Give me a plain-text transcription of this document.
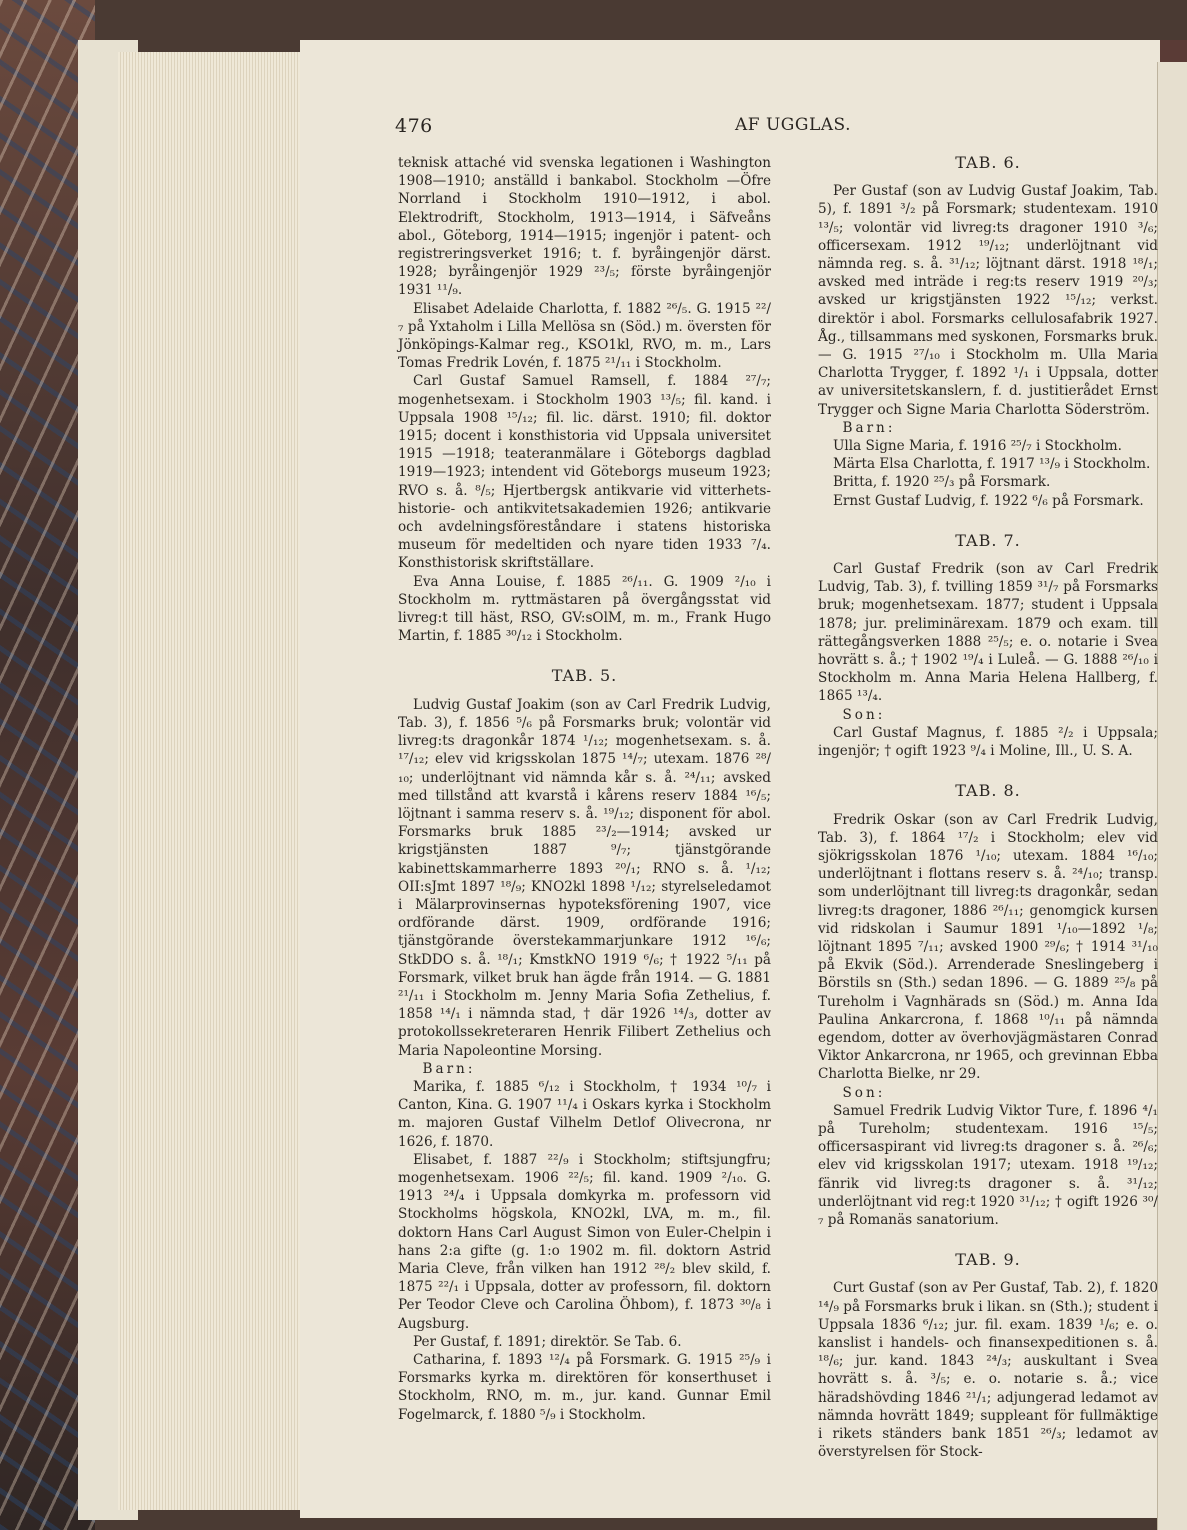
476	AF UGGLAS.

teknisk attaché vid svenska legationen i Washington 1908—1910; anställd i bankabol. Stockholm —Öfre Norrland i Stockholm 1910—1912, i abol. Elektrodrift, Stockholm, 1913—1914, i Säfveåns abol., Göteborg, 1914—1915; ingenjör i patent- och registreringsverket 1916; t. f. byråingenjör därst. 1928; byråingenjör 1929 ²³/₅; förste byråingenjör 1931 ¹¹/₉.

Elisabet Adelaide Charlotta, f. 1882 ²⁶/₅. G. 1915 ²²/₇ på Yxtaholm i Lilla Mellösa sn (Söd.) m. översten för Jönköpings-Kalmar reg., KSO1kl, RVO, m. m., Lars Tomas Fredrik Lovén, f. 1875 ²¹/₁₁ i Stockholm.

Carl Gustaf Samuel Ramsell, f. 1884 ²⁷/₇; mogenhetsexam. i Stockholm 1903 ¹³/₅; fil. kand. i Uppsala 1908 ¹⁵/₁₂; fil. lic. därst. 1910; fil. doktor 1915; docent i konsthistoria vid Uppsala universitet 1915 —1918; teateranmälare i Göteborgs dagblad 1919—1923; intendent vid Göteborgs museum 1923; RVO s. å. ⁸/₅; Hjertbergsk antikvarie vid vitterhets- historie- och antikvitetsakademien 1926; antikvarie och avdelningsföreståndare i statens historiska museum för medeltiden och nyare tiden 1933 ⁷/₄. Konsthistorisk skriftställare.

Eva Anna Louise, f. 1885 ²⁶/₁₁. G. 1909 ²/₁₀ i Stockholm m. ryttmästaren på övergångsstat vid livreg:t till häst, RSO, GV:sOlM, m. m., Frank Hugo Martin, f. 1885 ³⁰/₁₂ i Stockholm.

TAB. 5.

Ludvig Gustaf Joakim (son av Carl Fredrik Ludvig, Tab. 3), f. 1856 ⁵/₆ på Forsmarks bruk; volontär vid livreg:ts dragonkår 1874 ¹/₁₂; mogenhetsexam. s. å. ¹⁷/₁₂; elev vid krigsskolan 1875 ¹⁴/₇; utexam. 1876 ²⁸/₁₀; underlöjtnant vid nämnda kår s. å. ²⁴/₁₁; avsked med tillstånd att kvarstå i kårens reserv 1884 ¹⁶/₅; löjtnant i samma reserv s. å. ¹⁹/₁₂; disponent för abol. Forsmarks bruk 1885 ²³/₂—1914; avsked ur krigstjänsten 1887 ⁹/₇; tjänstgörande kabinettskammarherre 1893 ²⁰/₁; RNO s. å. ¹/₁₂; OII:sJmt 1897 ¹⁸/₉; KNO2kl 1898 ¹/₁₂; styrelseledamot i Mälarprovinsernas hypoteksförening 1907, vice ordförande därst. 1909, ordförande 1916; tjänstgörande överstekammarjunkare 1912 ¹⁶/₆; StkDDO s. å. ¹⁸/₁; KmstkNO 1919 ⁶/₆; † 1922 ⁵/₁₁ på Forsmark, vilket bruk han ägde från 1914. — G. 1881 ²¹/₁₁ i Stockholm m. Jenny Maria Sofia Zethelius, f. 1858 ¹⁴/₁ i nämnda stad, † där 1926 ¹⁴/₃, dotter av protokollssekreteraren Henrik Filibert Zethelius och Maria Napoleontine Morsing.

Barn:

Marika, f. 1885 ⁶/₁₂ i Stockholm, † 1934 ¹⁰/₇ i Canton, Kina. G. 1907 ¹¹/₄ i Oskars kyrka i Stockholm m. majoren Gustaf Vilhelm Detlof Olivecrona, nr 1626, f. 1870.

Elisabet, f. 1887 ²²/₉ i Stockholm; stiftsjungfru; mogenhetsexam. 1906 ²²/₅; fil. kand. 1909 ²/₁₀. G. 1913 ²⁴/₄ i Uppsala domkyrka m. professorn vid Stockholms högskola, KNO2kl, LVA, m. m., fil. doktorn Hans Carl August Simon von Euler-Chelpin i hans 2:a gifte (g. 1:o 1902 m. fil. doktorn Astrid Maria Cleve, från vilken han 1912 ²⁸/₂ blev skild, f. 1875 ²²/₁ i Uppsala, dotter av professorn, fil. doktorn Per Teodor Cleve och Carolina Öhbom), f. 1873 ³⁰/₈ i Augsburg.

Per Gustaf, f. 1891; direktör. Se Tab. 6.

Catharina, f. 1893 ¹²/₄ på Forsmark. G. 1915 ²⁵/₉ i Forsmarks kyrka m. direktören för konserthuset i Stockholm, RNO, m. m., jur. kand. Gunnar Emil Fogelmarck, f. 1880 ⁵/₉ i Stockholm.

TAB. 6.

Per Gustaf (son av Ludvig Gustaf Joakim, Tab. 5), f. 1891 ³/₂ på Forsmark; studentexam. 1910 ¹³/₅; volontär vid livreg:ts dragoner 1910 ³/₆; officersexam. 1912 ¹⁹/₁₂; underlöjtnant vid nämnda reg. s. å. ³¹/₁₂; löjtnant därst. 1918 ¹⁸/₁; avsked med inträde i reg:ts reserv 1919 ²⁰/₃; avsked ur krigstjänsten 1922 ¹⁵/₁₂; verkst. direktör i abol. Forsmarks cellulosafabrik 1927. Åg., tillsammans med syskonen, Forsmarks bruk. — G. 1915 ²⁷/₁₀ i Stockholm m. Ulla Maria Charlotta Trygger, f. 1892 ¹/₁ i Uppsala, dotter av universitetskanslern, f. d. justitierådet Ernst Trygger och Signe Maria Charlotta Söderström.

Barn:

Ulla Signe Maria, f. 1916 ²⁵/₇ i Stockholm.

Märta Elsa Charlotta, f. 1917 ¹³/₉ i Stockholm.

Britta, f. 1920 ²⁵/₃ på Forsmark.

Ernst Gustaf Ludvig, f. 1922 ⁶/₆ på Forsmark.

TAB. 7.

Carl Gustaf Fredrik (son av Carl Fredrik Ludvig, Tab. 3), f. tvilling 1859 ³¹/₇ på Forsmarks bruk; mogenhetsexam. 1877; student i Uppsala 1878; jur. preliminärexam. 1879 och exam. till rättegångsverken 1888 ²⁵/₅; e. o. notarie i Svea hovrätt s. å.; † 1902 ¹⁹/₄ i Luleå. — G. 1888 ²⁶/₁₀ i Stockholm m. Anna Maria Helena Hallberg, f. 1865 ¹³/₄.

Son:

Carl Gustaf Magnus, f. 1885 ²/₂ i Uppsala; ingenjör; † ogift 1923 ⁹/₄ i Moline, Ill., U. S. A.

TAB. 8.

Fredrik Oskar (son av Carl Fredrik Ludvig, Tab. 3), f. 1864 ¹⁷/₂ i Stockholm; elev vid sjökrigsskolan 1876 ¹/₁₀; utexam. 1884 ¹⁶/₁₀; underlöjtnant i flottans reserv s. å. ²⁴/₁₀; transp. som underlöjtnant till livreg:ts dragonkår, sedan livreg:ts dragoner, 1886 ²⁶/₁₁; genomgick kursen vid ridskolan i Saumur 1891 ¹/₁₀—1892 ¹/₈; löjtnant 1895 ⁷/₁₁; avsked 1900 ²⁹/₆; † 1914 ³¹/₁₀ på Ekvik (Söd.). Arrenderade Sneslingeberg i Börstils sn (Sth.) sedan 1896. — G. 1889 ²⁵/₈ på Tureholm i Vagnhärads sn (Söd.) m. Anna Ida Paulina Ankarcrona, f. 1868 ¹⁰/₁₁ på nämnda egendom, dotter av överhovjägmästaren Conrad Viktor Ankarcrona, nr 1965, och grevinnan Ebba Charlotta Bielke, nr 29.

Son:

Samuel Fredrik Ludvig Viktor Ture, f. 1896 ⁴/₁ på Tureholm; studentexam. 1916 ¹⁵/₅; officersaspirant vid livreg:ts dragoner s. å. ²⁶/₆; elev vid krigsskolan 1917; utexam. 1918 ¹⁹/₁₂; fänrik vid livreg:ts dragoner s. å. ³¹/₁₂; underlöjtnant vid reg:t 1920 ³¹/₁₂; † ogift 1926 ³⁰/₇ på Romanäs sanatorium.

TAB. 9.

Curt Gustaf (son av Per Gustaf, Tab. 2), f. 1820 ¹⁴/₉ på Forsmarks bruk i likan. sn (Sth.); student i Uppsala 1836 ⁶/₁₂; jur. fil. exam. 1839 ¹/₆; e. o. kanslist i handels- och finansexpeditionen s. å. ¹⁸/₆; jur. kand. 1843 ²⁴/₃; auskultant i Svea hovrätt s. å. ³/₅; e. o. notarie s. å.; vice häradshövding 1846 ²¹/₁; adjungerad ledamot av nämnda hovrätt 1849; suppleant för fullmäktige i rikets ständers bank 1851 ²⁶/₃; ledamot av överstyrelsen för Stock-
